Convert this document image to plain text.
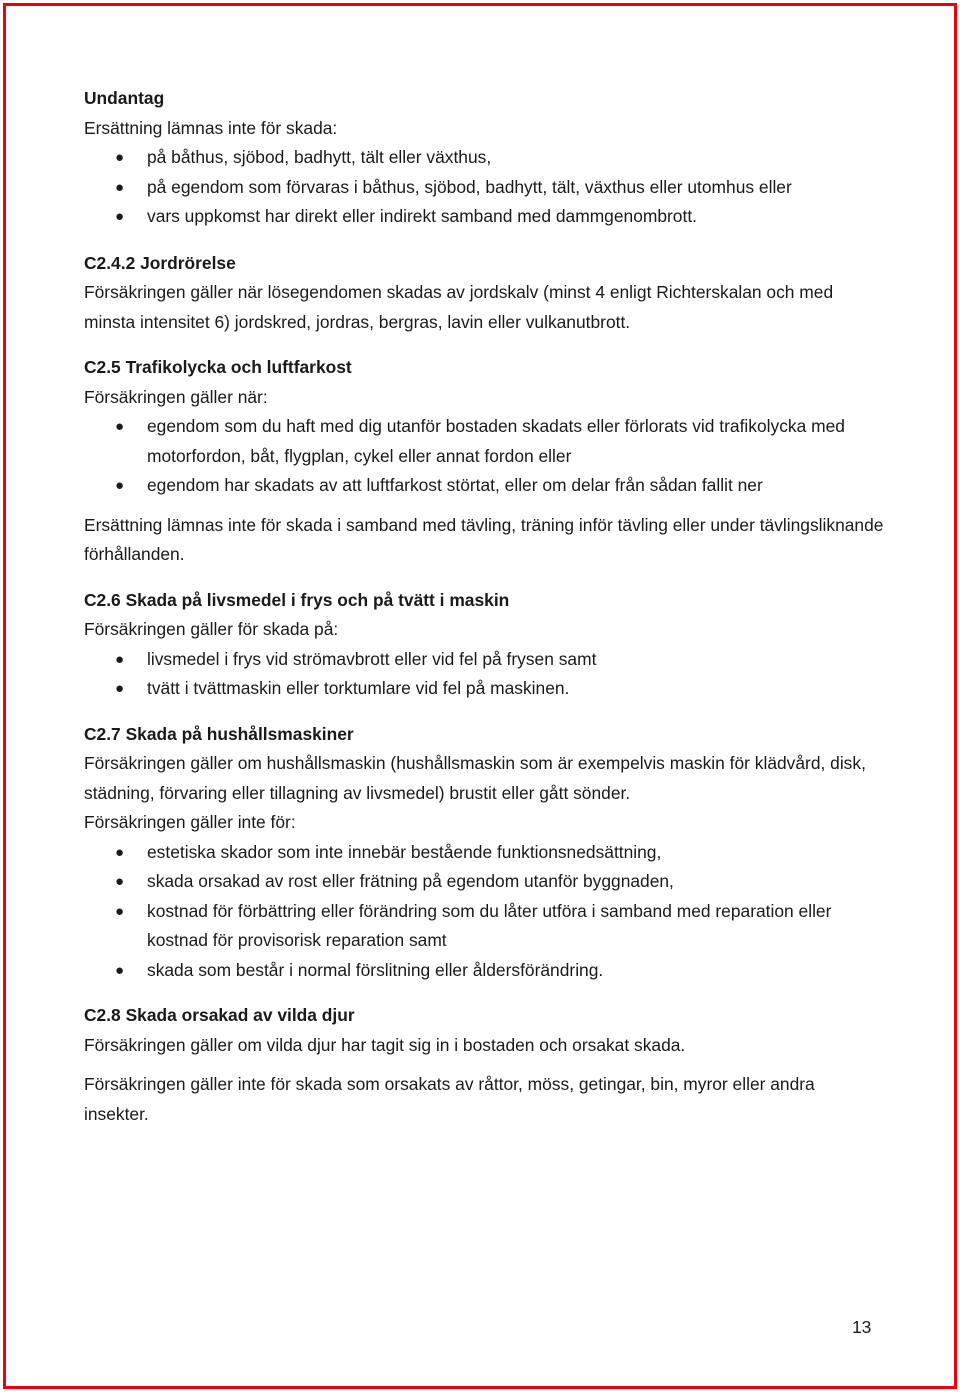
Undantag

Ersättning lämnas inte för skada:

● på båthus, sjöbod, badhytt, tält eller växthus,
● på egendom som förvaras i båthus, sjöbod, badhytt, tält, växthus eller utomhus eller
● vars uppkomst har direkt eller indirekt samband med dammgenombrott.
C2.4.2 Jordrörelse

Försäkringen gäller när lösegendomen skadas av jordskalv (minst 4 enligt Richterskalan och med minsta intensitet 6) jordskred, jordras, bergras, lavin eller vulkanutbrott.

C2.5 Trafikolycka och luftfarkost

Försäkringen gäller när:

● egendom som du haft med dig utanför bostaden skadats eller förlorats vid trafikolycka med motorfordon, båt, flygplan, cykel eller annat fordon eller
● egendom har skadats av att luftfarkost störtat, eller om delar från sådan fallit ner

Ersättning lämnas inte för skada i samband med tävling, träning inför tävling eller under tävlingsliknande förhållanden.

C2.6 Skada på livsmedel i frys och på tvätt i maskin

Försäkringen gäller för skada på:

● livsmedel i frys vid strömavbrott eller vid fel på frysen samt
● tvätt i tvättmaskin eller torktumlare vid fel på maskinen.
C2.7 Skada på hushållsmaskiner

Försäkringen gäller om hushållsmaskin (hushållsmaskin som är exempelvis maskin för klädvård, disk, städning, förvaring eller tillagning av livsmedel) brustit eller gått sönder.

Försäkringen gäller inte för:

● estetiska skador som inte innebär bestående funktionsnedsättning,
● skada orsakad av rost eller frätning på egendom utanför byggnaden,
● kostnad för förbättring eller förändring som du låter utföra i samband med reparation eller kostnad för provisorisk reparation samt
● skada som består i normal förslitning eller åldersförändring.
C2.8 Skada orsakad av vilda djur

Försäkringen gäller om vilda djur har tagit sig in i bostaden och orsakat skada.

Försäkringen gäller inte för skada som orsakats av råttor, möss, getingar, bin, myror eller andra insekter.

13
